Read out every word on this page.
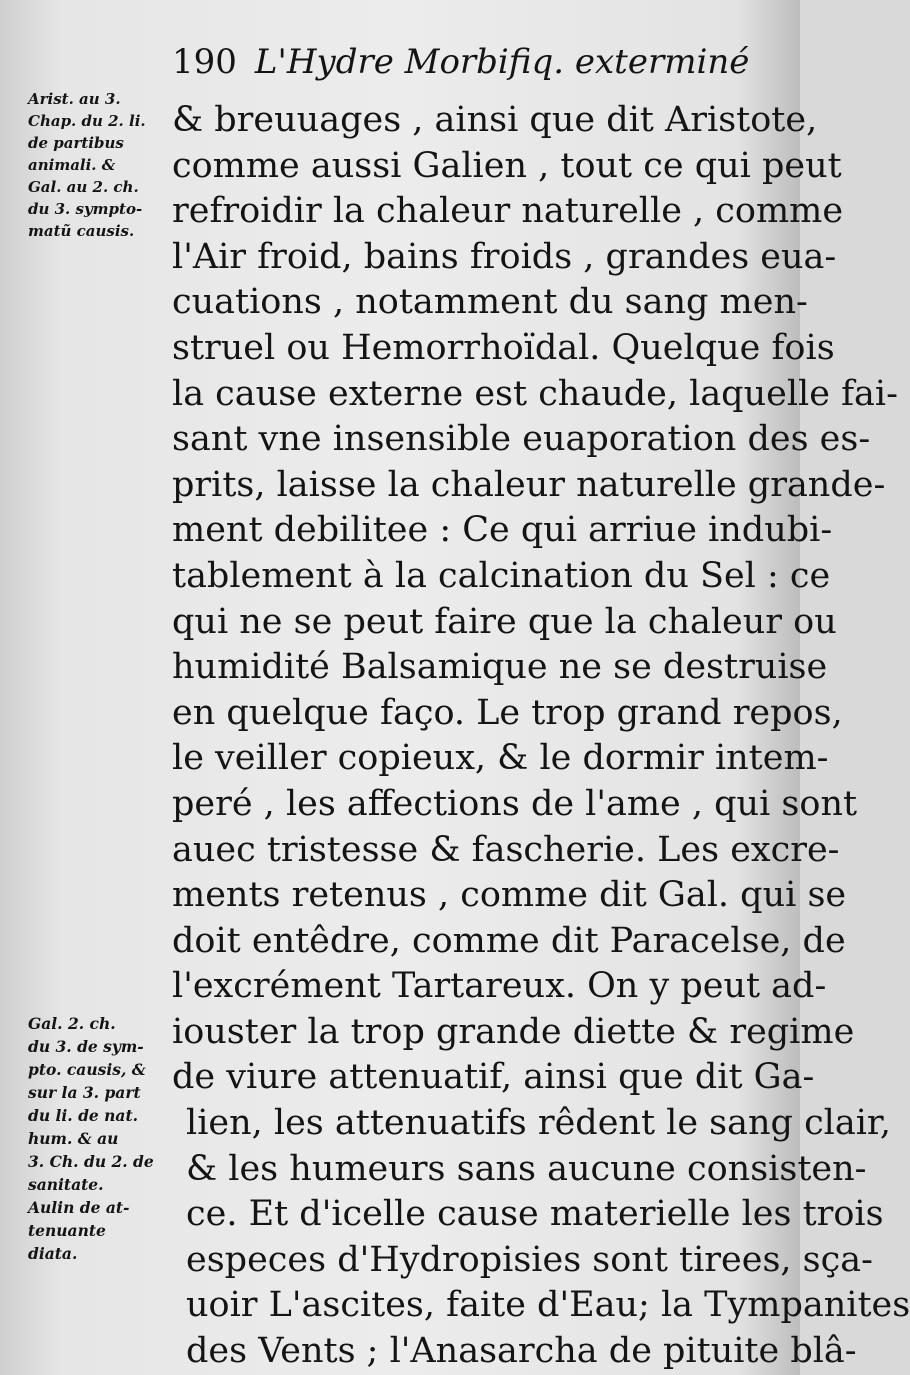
190 L'Hydre Morbifiq. exterminé
Arist. au 3.
Chap. du 2. li.
de partibus
animali. &
Gal. au 2. ch.
du 3. sympto-
matũ causis.
Gal. 2. ch.
du 3. de sym-
pto. causis, &
sur la 3. part
du li. de nat.
hum. & au
3. Ch. du 2. de
sanitate.
Aulin de at-
tenuante
diata.
& breuuages , ainsi que dit Aristote,
comme aussi Galien , tout ce qui peut
refroidir la chaleur naturelle , comme
l'Air froid, bains froids , grandes eua-
cuations , notamment du sang men-
struel ou Hemorrhoïdal. Quelque fois
la cause externe est chaude, laquelle fai-
sant vne insensible euaporation des es-
prits, laisse la chaleur naturelle grande-
ment debilitee : Ce qui arriue indubi-
tablement à la calcination du Sel : ce
qui ne se peut faire que la chaleur ou
humidité Balsamique ne se destruise
en quelque faço. Le trop grand repos,
le veiller copieux, & le dormir intem-
peré , les affections de l'ame , qui sont
auec tristesse & fascherie. Les excre-
ments retenus , comme dit Gal. qui se
doit entêdre, comme dit Paracelse, de
l'excrément Tartareux. On y peut ad-
iouster la trop grande diette & regime
de viure attenuatif, ainsi que dit Ga-
lien, les attenuatifs rêdent le sang clair,
& les humeurs sans aucune consisten-
ce. Et d'icelle cause materielle les trois
especes d'Hydropisies sont tirees, sça-
uoir L'ascites, faite d'Eau; la Tympanites
des Vents ; l'Anasarcha de pituite blâ-
